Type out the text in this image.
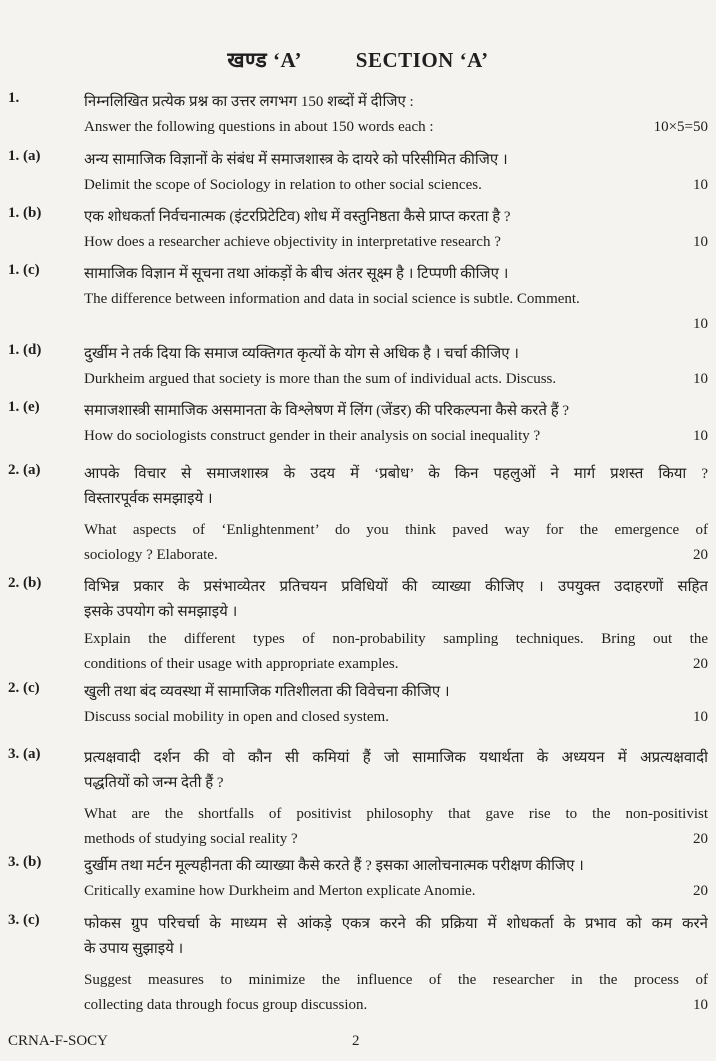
खण्ड ‘A’	SECTION ‘A’
1.	निम्नलिखित प्रत्येक प्रश्न का उत्तर लगभग 150 शब्दों में दीजिए :
Answer the following questions in about 150 words each :	10×5=50
1. (a)	अन्य सामाजिक विज्ञानों के संबंध में समाजशास्त्र के दायरे को परिसीमित कीजिए ।
Delimit the scope of Sociology in relation to other social sciences.	10
1. (b)	एक शोधकर्ता निर्वचनात्मक (इंटरप्रिटेटिव) शोध में वस्तुनिष्ठता कैसे प्राप्त करता है ?
How does a researcher achieve objectivity in interpretative research ?	10
1. (c)	सामाजिक विज्ञान में सूचना तथा आंकड़ों के बीच अंतर सूक्ष्म है । टिप्पणी कीजिए ।
The difference between information and data in social science is subtle. Comment.
10
1. (d)	दुर्खीम ने तर्क दिया कि समाज व्यक्तिगत कृत्यों के योग से अधिक है । चर्चा कीजिए ।
Durkheim argued that society is more than the sum of individual acts. Discuss.	10
1. (e)	समाजशास्त्री सामाजिक असमानता के विश्लेषण में लिंग (जेंडर) की परिकल्पना कैसे करते हैं ?
How do sociologists construct gender in their analysis on social inequality ?	10
2. (a)	आपके विचार से समाजशास्त्र के उदय में ‘प्रबोध’ के किन पहलुओं ने मार्ग प्रशस्त किया ?
विस्तारपूर्वक समझाइये ।
What aspects of ‘Enlightenment’ do you think paved way for the emergence of
sociology ? Elaborate.	20
2. (b)	विभिन्न प्रकार के प्रसंभाव्येतर प्रतिचयन प्रविधियों की व्याख्या कीजिए । उपयुक्त उदाहरणों सहित
इसके उपयोग को समझाइये ।
Explain the different types of non-probability sampling techniques. Bring out the
conditions of their usage with appropriate examples.	20
2. (c)	खुली तथा बंद व्यवस्था में सामाजिक गतिशीलता की विवेचना कीजिए ।
Discuss social mobility in open and closed system.	10
3. (a)	प्रत्यक्षवादी दर्शन की वो कौन सी कमियां हैं जो सामाजिक यथार्थता के अध्ययन में अप्रत्यक्षवादी
पद्धतियों को जन्म देती हैं ?
What are the shortfalls of positivist philosophy that gave rise to the non-positivist
methods of studying social reality ?	20
3. (b)	दुर्खीम तथा मर्टन मूल्यहीनता की व्याख्या कैसे करते हैं ? इसका आलोचनात्मक परीक्षण कीजिए ।
Critically examine how Durkheim and Merton explicate Anomie.	20
3. (c)	फोकस ग्रुप परिचर्चा के माध्यम से आंकड़े एकत्र करने की प्रक्रिया में शोधकर्ता के प्रभाव को कम करने
के उपाय सुझाइये ।
Suggest measures to minimize the influence of the researcher in the process of
collecting data through focus group discussion.	10
CRNA-F-SOCY	2
